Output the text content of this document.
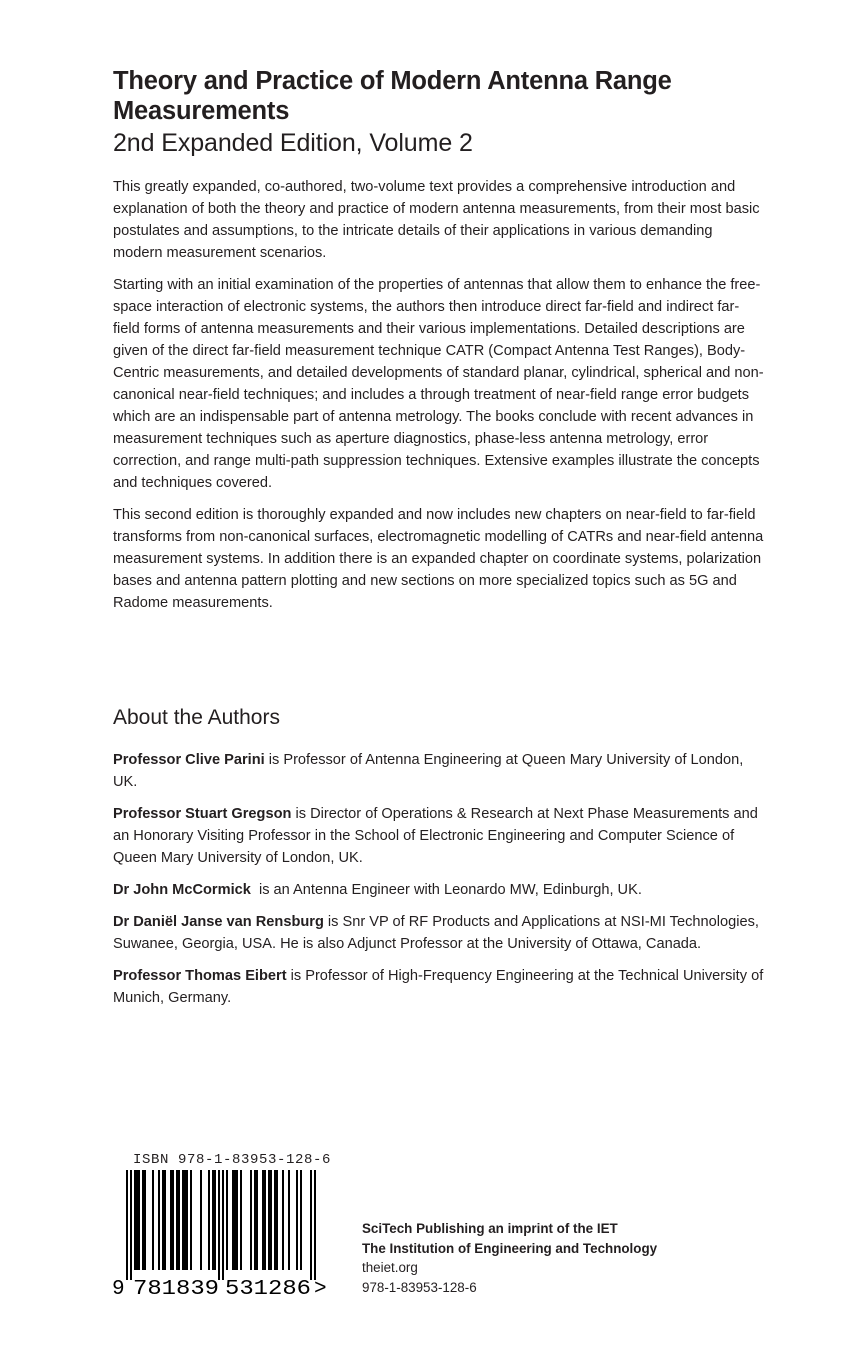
Theory and Practice of Modern Antenna Range Measurements
2nd Expanded Edition, Volume 2

This greatly expanded, co-authored, two-volume text provides a comprehensive introduction and explanation of both the theory and practice of modern antenna measurements, from their most basic postulates and assumptions, to the intricate details of their applications in various demanding modern measurement scenarios.

Starting with an initial examination of the properties of antennas that allow them to enhance the free-space interaction of electronic systems, the authors then introduce direct far-field and indirect far-field forms of antenna measurements and their various implementations. Detailed descriptions are given of the direct far-field measurement technique CATR (Compact Antenna Test Ranges), Body-Centric measurements, and detailed developments of standard planar, cylindrical, spherical and non-canonical near-field techniques; and includes a through treatment of near-field range error budgets which are an indispensable part of antenna metrology. The books conclude with recent advances in measurement techniques such as aperture diagnostics, phase-less antenna metrology, error correction, and range multi-path suppression techniques. Extensive examples illustrate the concepts and techniques covered.

This second edition is thoroughly expanded and now includes new chapters on near-field to far-field transforms from non-canonical surfaces, electromagnetic modelling of CATRs and near-field antenna measurement systems. In addition there is an expanded chapter on coordinate systems, polarization bases and antenna pattern plotting and new sections on more specialized topics such as 5G and Radome measurements.

About the Authors

Professor Clive Parini is Professor of Antenna Engineering at Queen Mary University of London, UK.

Professor Stuart Gregson is Director of Operations & Research at Next Phase Measurements and an Honorary Visiting Professor in the School of Electronic Engineering and Computer Science of Queen Mary University of London, UK.

Dr John McCormick  is an Antenna Engineer with Leonardo MW, Edinburgh, UK.

Dr Daniël Janse van Rensburg is Snr VP of RF Products and Applications at NSI-MI Technologies, Suwanee, Georgia, USA. He is also Adjunct Professor at the University of Ottawa, Canada.

Professor Thomas Eibert is Professor of High-Frequency Engineering at the Technical University of Munich, Germany.

ISBN 978-1-83953-128-6
9 781839 531286 >
SciTech Publishing an imprint of the IET
The Institution of Engineering and Technology
theiet.org
978-1-83953-128-6
